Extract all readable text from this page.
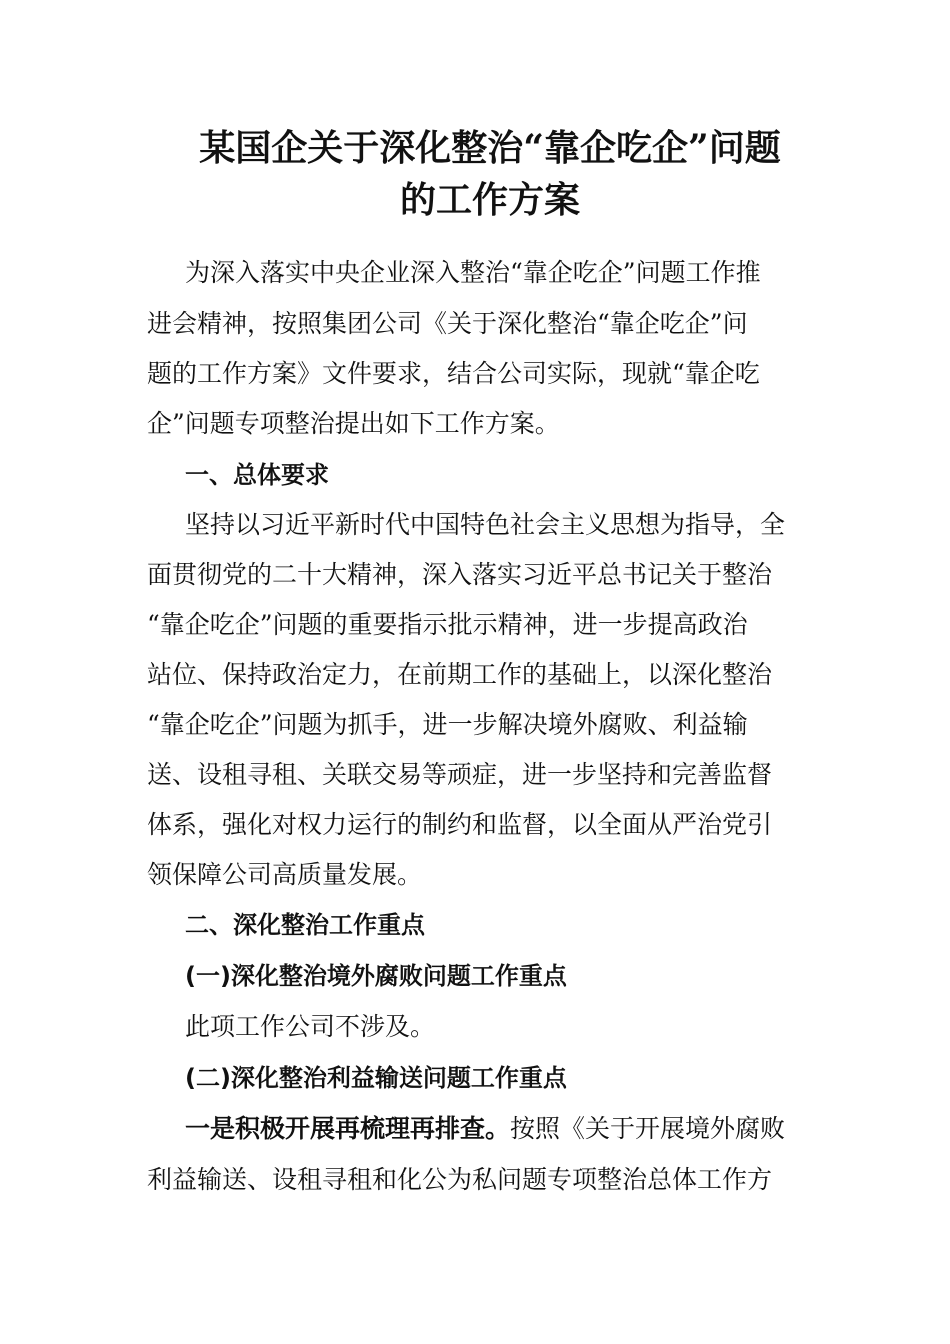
某国企关于深化整治“靠企吃企”问题
的工作方案
为深入落实中央企业深入整治“靠企吃企”问题工作推
进会精神，按照集团公司《关于深化整治“靠企吃企”问
题的工作方案》文件要求，结合公司实际，现就“靠企吃
企”问题专项整治提出如下工作方案。
一、总体要求
坚持以习近平新时代中国特色社会主义思想为指导，全
面贯彻党的二十大精神，深入落实习近平总书记关于整治
“靠企吃企”问题的重要指示批示精神，进一步提高政治
站位、保持政治定力，在前期工作的基础上，以深化整治
“靠企吃企”问题为抓手，进一步解决境外腐败、利益输
送、设租寻租、关联交易等顽症，进一步坚持和完善监督
体系，强化对权力运行的制约和监督，以全面从严治党引
领保障公司高质量发展。
二、深化整治工作重点
(一)深化整治境外腐败问题工作重点
此项工作公司不涉及。
(二)深化整治利益输送问题工作重点
一是积极开展再梳理再排查。按照《关于开展境外腐败
利益输送、设租寻租和化公为私问题专项整治总体工作方
